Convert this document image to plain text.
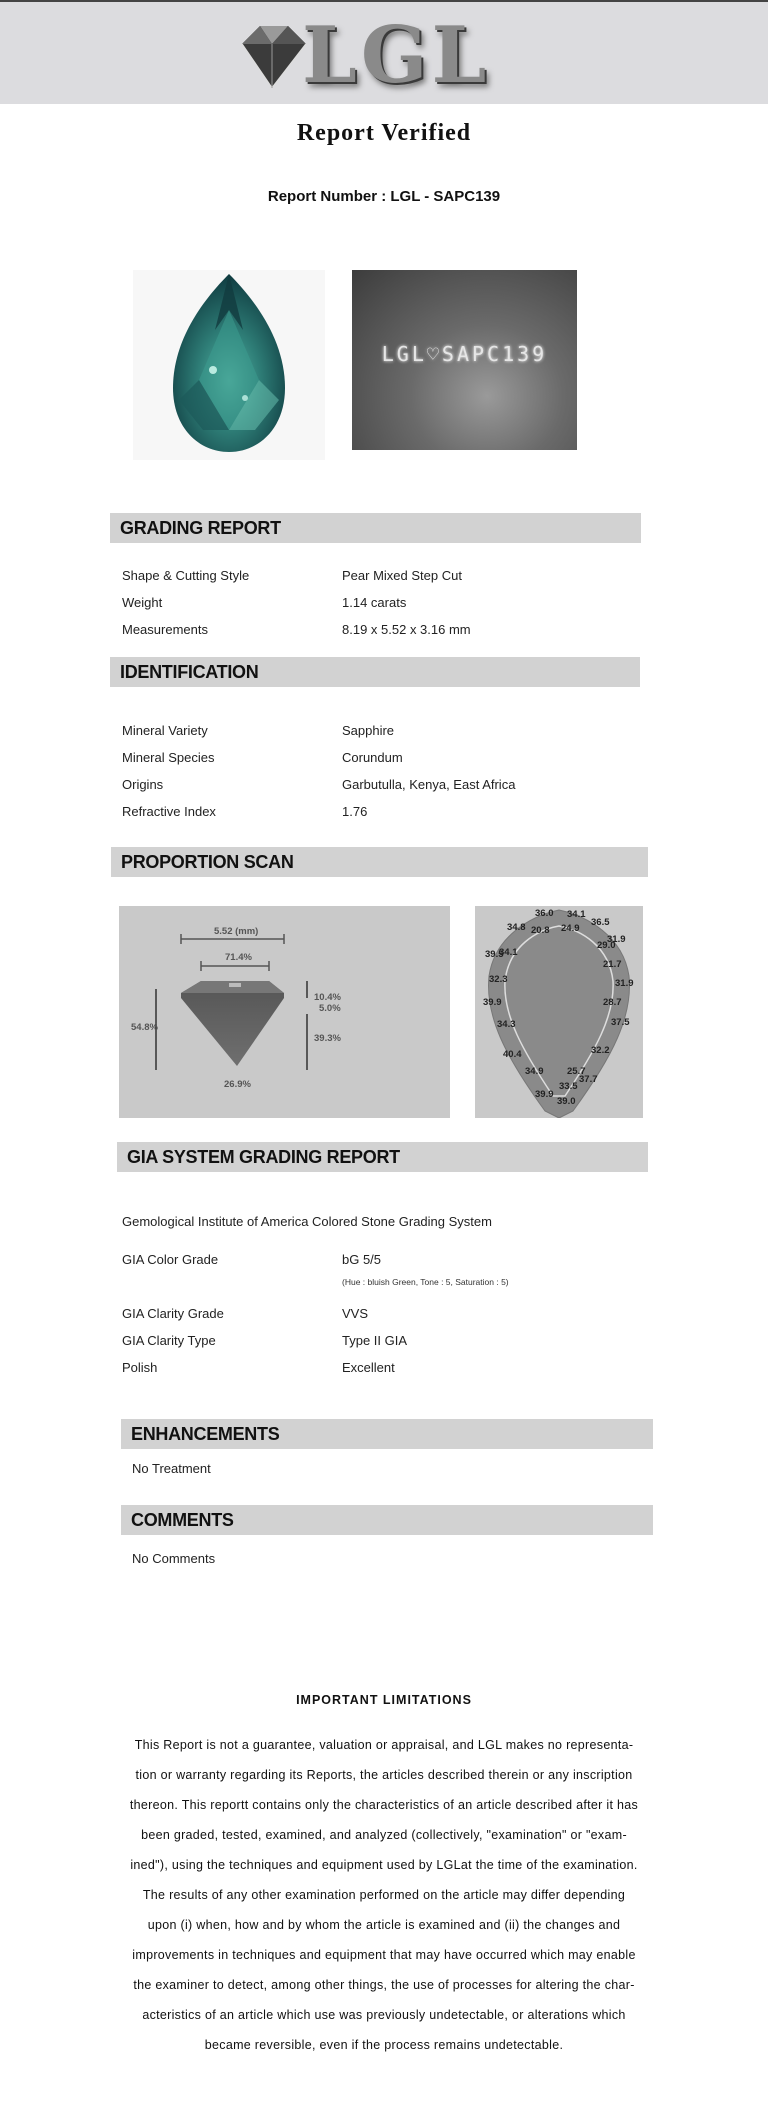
LGL
Report Verified
Report Number : LGL - SAPC139
LGL♡SAPC139
GRADING REPORT
Shape & Cutting Style	Pear Mixed Step Cut
Weight	1.14 carats
Measurements	8.19 x 5.52 x 3.16 mm
IDENTIFICATION
Mineral Variety	Sapphire
Mineral Species	Corundum
Origins	Garbutulla, Kenya, East Africa
Refractive Index	1.76
PROPORTION SCAN
5.52 (mm)
71.4%
54.8%
10.4%
5.0%
39.3%
26.9%
36.0 34.1
34.8 20.8 24.9
36.5
29.0
31.9
39.5
34.1
21.7
32.3	31.9
39.9	28.7
34.3	37.5
32.2
40.4
34.9 25.7
37.7
33.5
39.9
39.0
GIA SYSTEM GRADING REPORT
Gemological Institute of America Colored Stone Grading System
GIA Color Grade	bG 5/5
(Hue : bluish Green, Tone : 5, Saturation : 5)
GIA Clarity Grade	VVS
GIA Clarity Type	Type II GIA
Polish	Excellent
ENHANCEMENTS
No Treatment
COMMENTS
No Comments
IMPORTANT LIMITATIONS
This Report is not a guarantee, valuation or appraisal, and LGL makes no representa-
tion or warranty regarding its Reports, the articles described therein or any inscription
thereon. This reportt contains only the characteristics of an article described after it has
been graded, tested, examined, and analyzed (collectively, "examination" or "exam-
ined"), using the techniques and equipment used by LGLat the time of the examination.
The results of any other examination performed on the article may differ depending
upon (i) when, how and by whom the article is examined and (ii) the changes and
improvements in techniques and equipment that may have occurred which may enable
the examiner to detect, among other things, the use of processes for altering the char-
acteristics of an article which use was previously undetectable, or alterations which
became reversible, even if the process remains undetectable.
